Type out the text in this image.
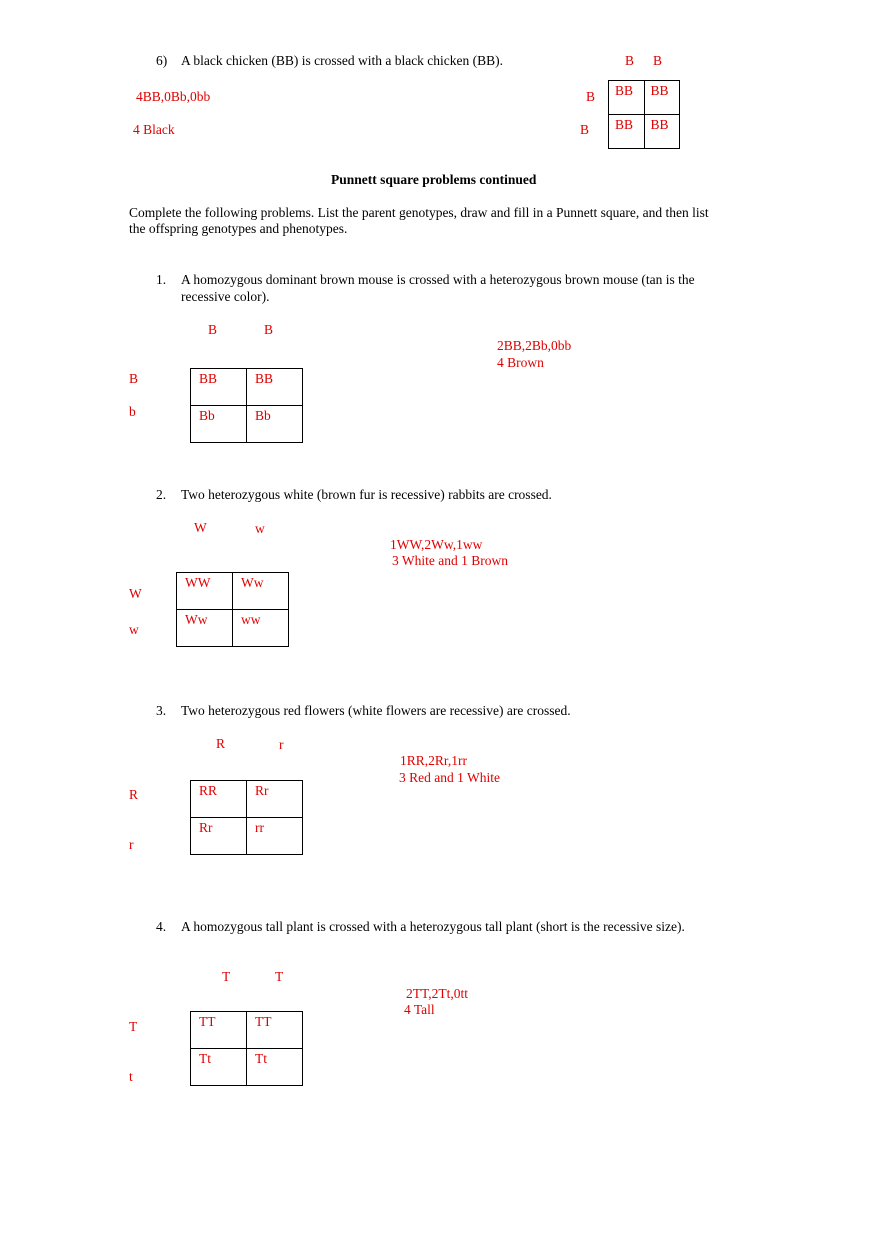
6) A black chicken (BB) is crossed with a black chicken (BB).	B B
4BB,0Bb,0bb
4 Black
B
B
BB	BB
BB	BB
Punnett square problems continued
Complete the following problems. List the parent genotypes, draw and fill in a Punnett square, and then list
the offspring genotypes and phenotypes.
1. A homozygous dominant brown mouse is crossed with a heterozygous brown mouse (tan is the
recessive color).
B	B
2BB,2Bb,0bb
4 Brown
B
b
BB	BB
Bb	Bb
2. Two heterozygous white (brown fur is recessive) rabbits are crossed.
W	w
1WW,2Ww,1ww
3 White and 1 Brown
W
w
WW	Ww
Ww	ww
3. Two heterozygous red flowers (white flowers are recessive) are crossed.
R	r
1RR,2Rr,1rr
3 Red and 1 White
R
r
RR	Rr
Rr	rr
4. A homozygous tall plant is crossed with a heterozygous tall plant (short is the recessive size).
T	T
2TT,2Tt,0tt
4 Tall
T
t
TT	TT
Tt	Tt
